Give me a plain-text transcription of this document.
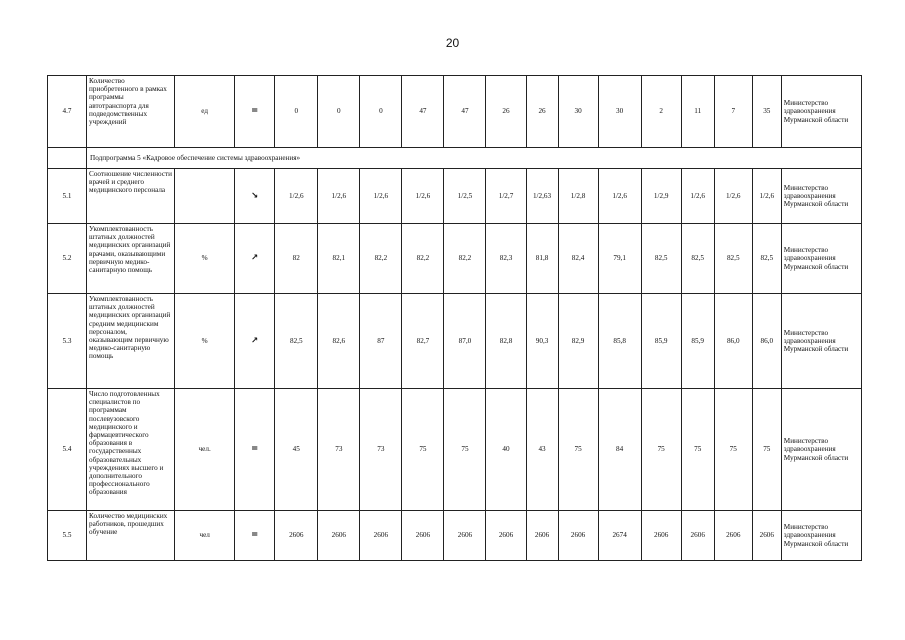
20
4.7	Количество приобретенного в рамках программы автотранспорта для подведомственных учреждений	ед	=	0	0	0	47	47	26	26	30	30	2	11	7	35	Министерство здравоохранения Мурманской области
	Подпрограмма 5 «Кадровое обеспечение системы здравоохранения»																
5.1	Соотношение численности врачей и среднего медицинского персонала		↘	1/2,6	1/2,6	1/2,6	1/2,6	1/2,5	1/2,7	1/2,63	1/2,8	1/2,6	1/2,9	1/2,6	1/2,6	1/2,6	Министерство здравоохранения Мурманской области
5.2	Укомплектованность штатных должностей медицинских организаций врачами, оказывающими первичную медико-санитарную помощь	%	↗	82	82,1	82,2	82,2	82,2	82,3	81,8	82,4	79,1	82,5	82,5	82,5	82,5	Министерство здравоохранения Мурманской области
5.3	Укомплектованность штатных должностей медицинских организаций средним медицинским персоналом, оказывающим первичную медико-санитарную помощь	%	↗	82,5	82,6	87	82,7	87,0	82,8	90,3	82,9	85,8	85,9	85,9	86,0	86,0	Министерство здравоохранения Мурманской области
5.4	Число подготовленных специалистов по программам послевузовского медицинского и фармацевтического образования в государственных образовательных учреждениях высшего и дополнительного профессионального образования	чел.	=	45	73	73	75	75	40	43	75	84	75	75	75	75	Министерство здравоохранения Мурманской области
5.5	Количество медицинских работников, прошедших обучение	чел	=	2606	2606	2606	2606	2606	2606	2606	2606	2674	2606	2606	2606	2606	Министерство здравоохранения Мурманской области
